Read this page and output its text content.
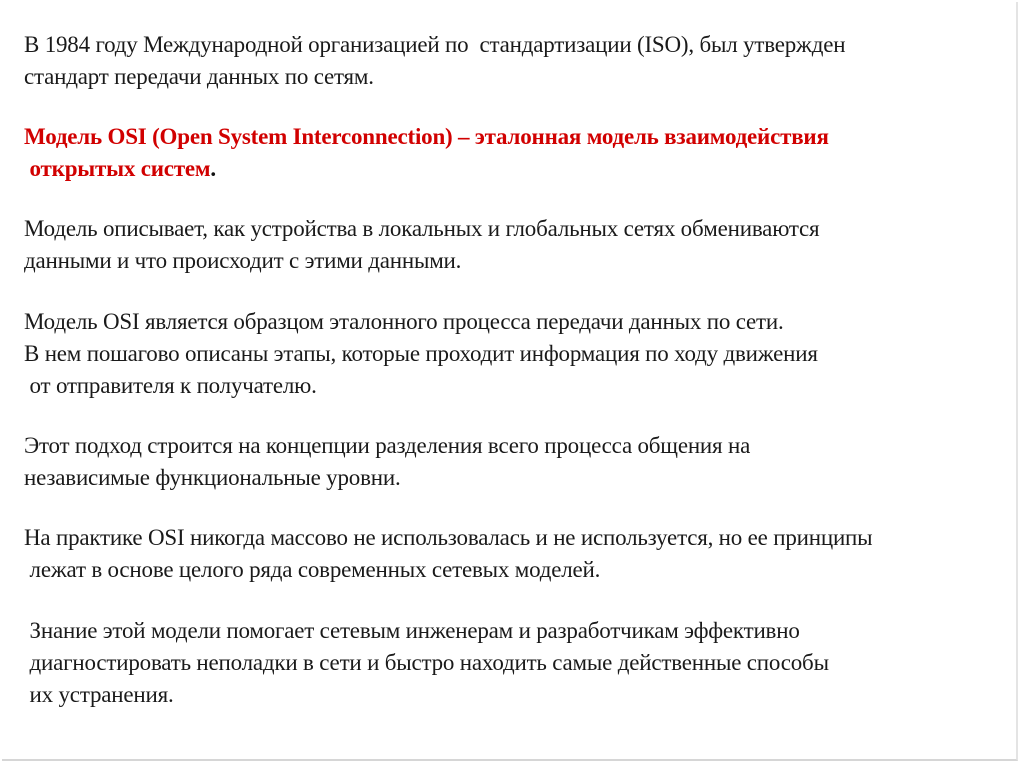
В 1984 году Международной организацией по  стандартизации (ISO), был утвержден
стандарт передачи данных по сетям.
Модель OSI (Open System Interconnection) – эталонная модель взаимодействия
открытых систем.
Модель описывает, как устройства в локальных и глобальных сетях обмениваются
данными и что происходит с этими данными.
Модель OSI является образцом эталонного процесса передачи данных по сети.
В нем пошагово описаны этапы, которые проходит информация по ходу движения
от отправителя к получателю.
Этот подход строится на концепции разделения всего процесса общения на
независимые функциональные уровни.
На практике OSI никогда массово не использовалась и не используется, но ее принципы
лежат в основе целого ряда современных сетевых моделей.
Знание этой модели помогает сетевым инженерам и разработчикам эффективно
диагностировать неполадки в сети и быстро находить самые действенные способы
их устранения.
